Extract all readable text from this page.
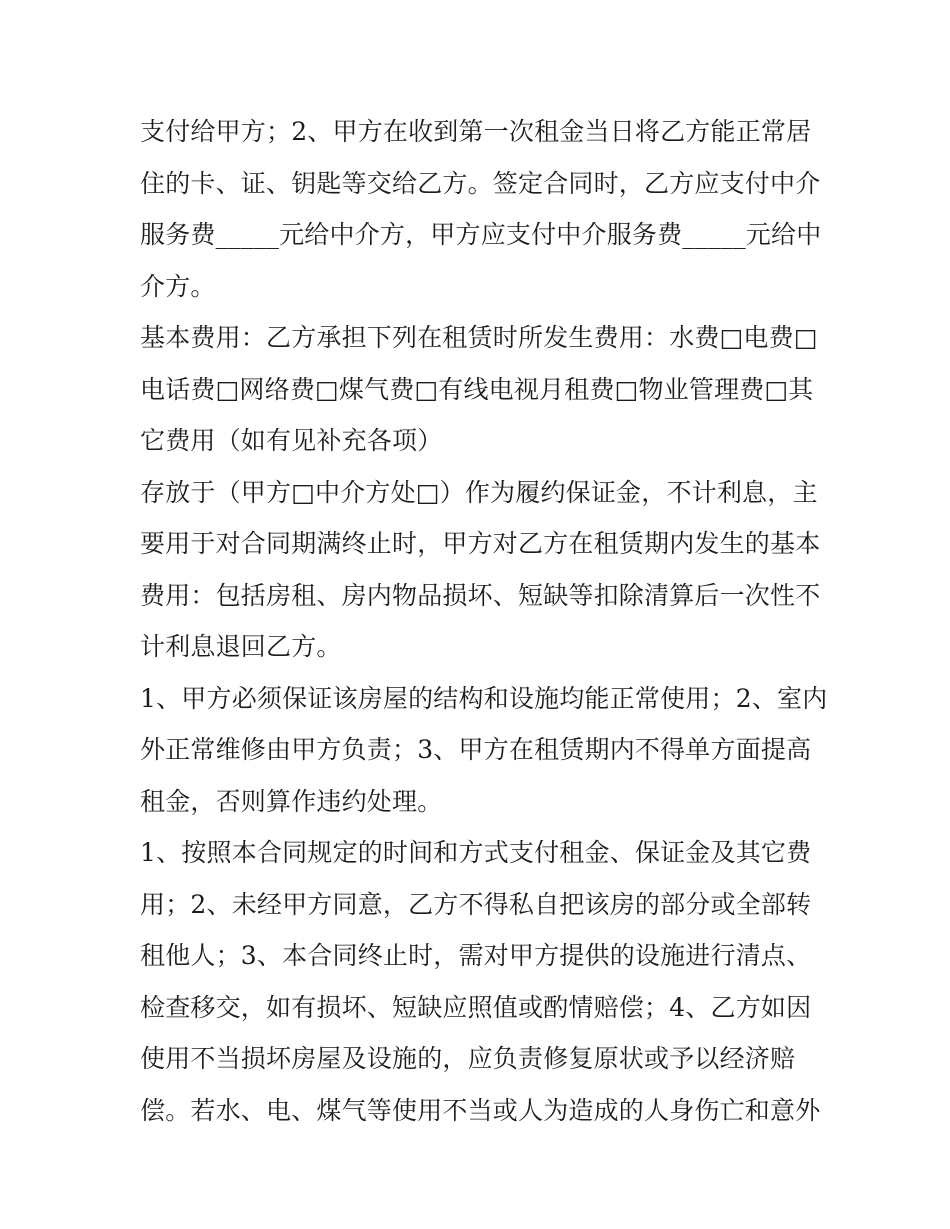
支付给甲方；2、甲方在收到第一次租金当日将乙方能正常居
住的卡、证、钥匙等交给乙方。签定合同时，乙方应支付中介
服务费_____元给中介方，甲方应支付中介服务费_____元给中
介方。
基本费用：乙方承担下列在租赁时所发生费用：水费□电费□
电话费□网络费□煤气费□有线电视月租费□物业管理费□其
它费用（如有见补充各项）
存放于（甲方□中介方处□）作为履约保证金，不计利息，主
要用于对合同期满终止时，甲方对乙方在租赁期内发生的基本
费用：包括房租、房内物品损坏、短缺等扣除清算后一次性不
计利息退回乙方。
1、甲方必须保证该房屋的结构和设施均能正常使用；2、室内
外正常维修由甲方负责；3、甲方在租赁期内不得单方面提高
租金，否则算作违约处理。
1、按照本合同规定的时间和方式支付租金、保证金及其它费
用；2、未经甲方同意，乙方不得私自把该房的部分或全部转
租他人；3、本合同终止时，需对甲方提供的设施进行清点、
检查移交，如有损坏、短缺应照值或酌情赔偿；4、乙方如因
使用不当损坏房屋及设施的，应负责修复原状或予以经济赔
偿。若水、电、煤气等使用不当或人为造成的人身伤亡和意外
